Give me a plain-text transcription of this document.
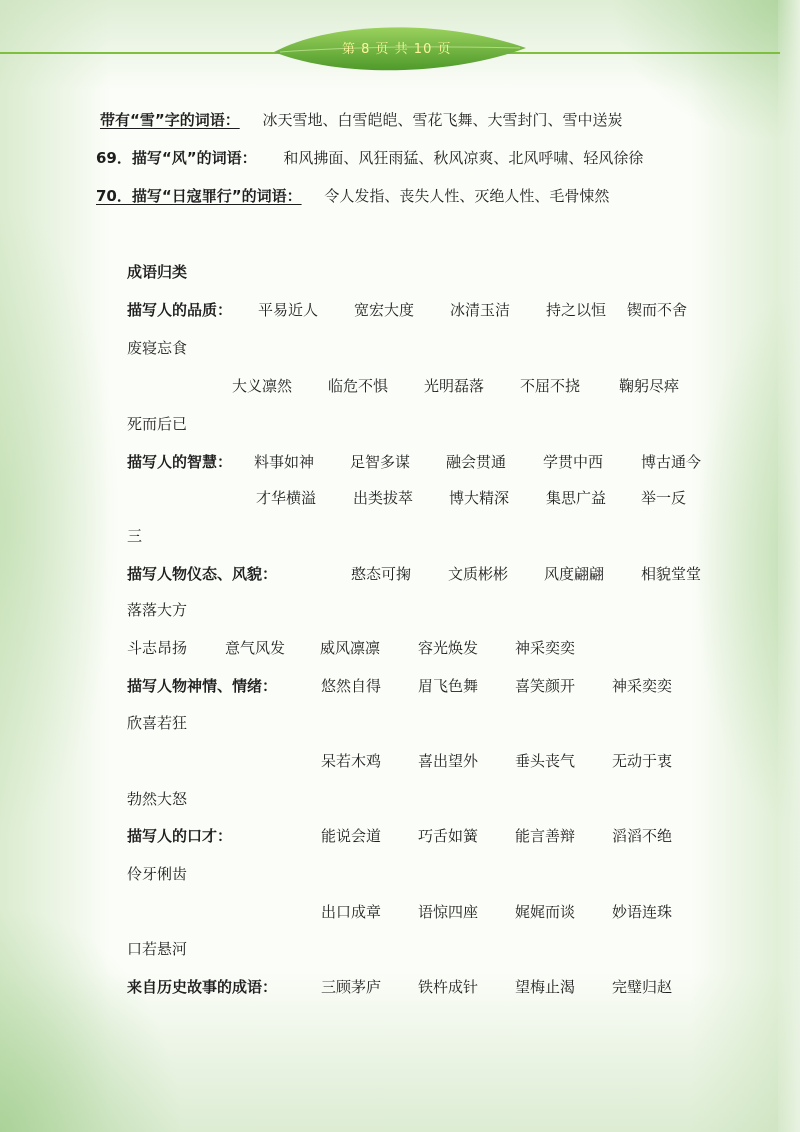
第 8 页 共 10 页
带有“雪”字的词语： 冰天雪地、白雪皑皑、雪花飞舞、大雪封门、雪中送炭
69．描写“风”的词语： 和风拂面、风狂雨猛、秋风凉爽、北风呼啸、轻风徐徐
70．描写“日寇罪行”的词语： 令人发指、丧失人性、灭绝人性、毛骨悚然
成语归类
描写人的品质： 平易近人 宽宏大度 冰清玉洁 持之以恒 锲而不舍
废寝忘食
大义凛然 临危不惧 光明磊落 不屈不挠	鞠躬尽瘁
死而后已
描写人的智慧： 料事如神 足智多谋 融会贯通 学贯中西	博古通今
才华横溢 出类拔萃 博大精深 集思广益 举一反
三
描写人物仪态、风貌：	憨态可掬 文质彬彬 风度翩翩 相貌堂堂
落落大方
斗志昂扬	意气风发 威风凛凛	容光焕发 神采奕奕
描写人物神情、情绪：	悠然自得 眉飞色舞 喜笑颜开 神采奕奕
欣喜若狂
呆若木鸡 喜出望外 垂头丧气 无动于衷
勃然大怒
描写人的口才：	能说会道 巧舌如簧 能言善辩 滔滔不绝
伶牙俐齿
出口成章 语惊四座 娓娓而谈 妙语连珠
口若悬河
来自历史故事的成语：	三顾茅庐 铁杵成针 望梅止渴 完璧归赵
